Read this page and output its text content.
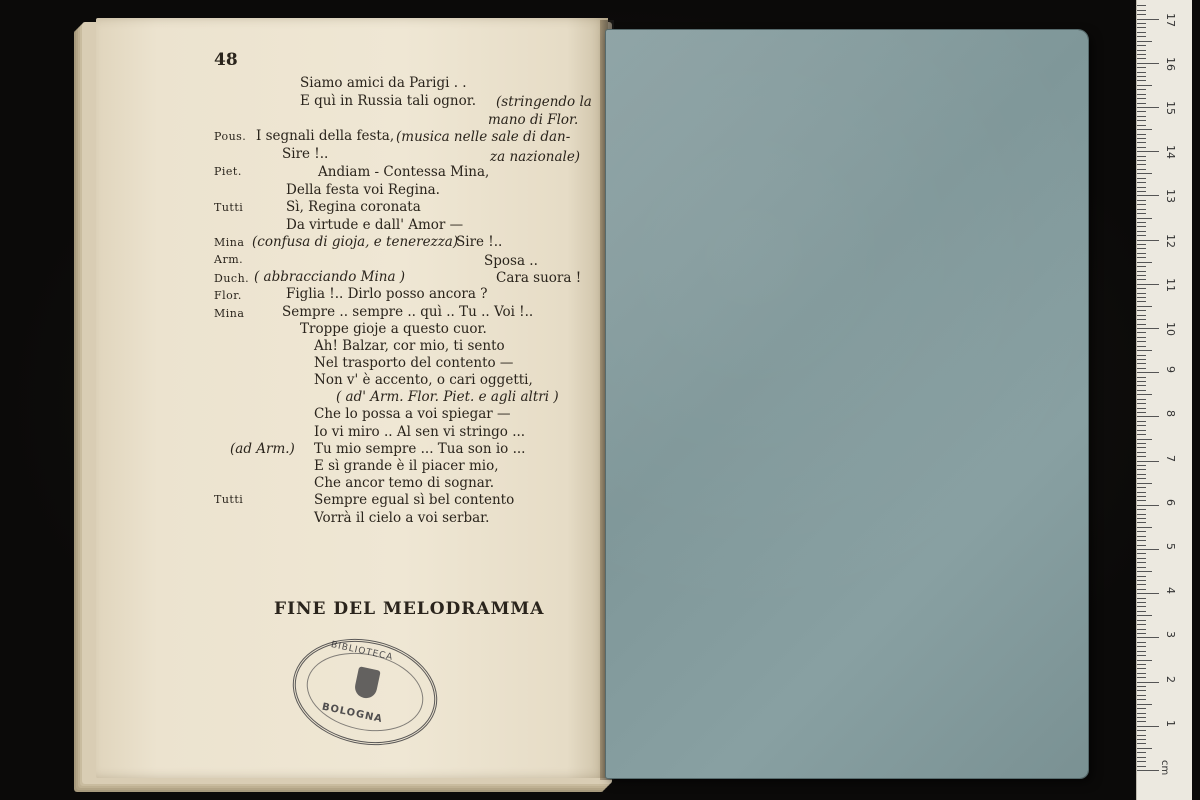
48
Siamo amici da Parigi . .
E quì in Russia tali ognor. (stringendo la
mano di Flor.
Pous. I segnali della festa, (musica nelle sale di dan-
Sire !..	za nazionale)
Piet.	Andiam - Contessa Mina,
Della festa voi Regina.
Tutti	Sì, Regina coronata
Da virtude e dall' Amor —
Mina (confusa di gioja, e tenerezza)
Sire !..
Arm.	Sposa ..
Duch. ( abbracciando Mina )	Cara suora !
Flor.	Figlia !.. Dirlo posso ancora ?
Mina	Sempre .. sempre .. quì .. Tu .. Voi !..
Troppe gioje a questo cuor.
Ah! Balzar, cor mio, ti sento
Nel trasporto del contento —
Non v' è accento, o cari oggetti,
( ad' Arm. Flor. Piet. e agli altri )
Che lo possa a voi spiegar —
Io vi miro .. Al sen vi stringo ...
(ad Arm.) Tu mio sempre ... Tua son io ...
E sì grande è il piacer mio,
Che ancor temo di sognar.
Tutti	Sempre egual sì bel contento
Vorrà il cielo a voi serbar.
FINE DEL MELODRAMMA
BIBLIOTECA
BOLOGNA	1
2
3
4
5
6
7
8
9
10
11
12
13
14
15
16
17
cm
